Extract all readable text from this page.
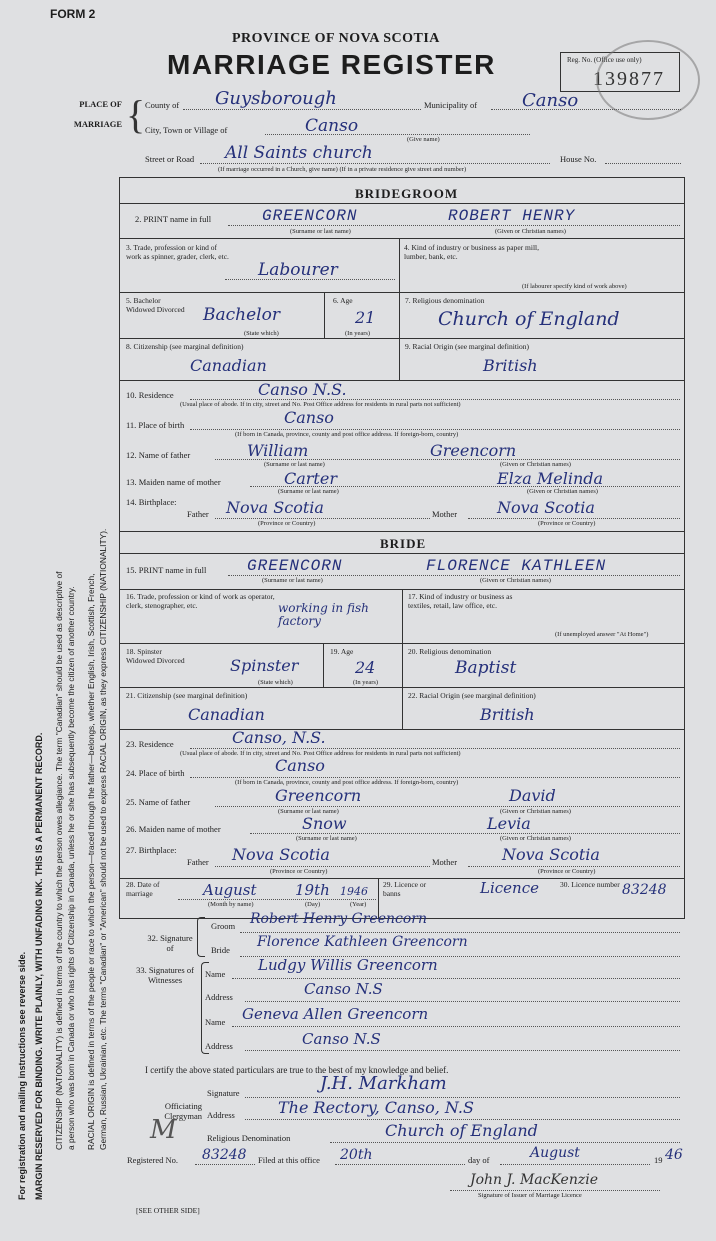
FORM 2
PROVINCE OF NOVA SCOTIA
MARRIAGE REGISTER	Reg. No. (Office use only)
139877
PLACE OF
MARRIAGE { County of Guysborough	Municipality of Canso
City, Town or Village of	Canso
(Give name)
Street or Road All Saints church	House No.
(If marriage occurred in a Church, give name) (If in a private residence give street and number)
BRIDEGROOM
2. PRINT name in full	GREENCORN	ROBERT HENRY
(Surname or last name)	(Given or Christian names)
3. Trade, profession or kind of work as spinner, grader, clerk, etc.
Labourer
4. Kind of industry or business as paper mill, lumber, bank, etc.
(If labourer specify kind of work above)
5. Bachelor Widowed Divorced Bachelor
(State which)
6. Age
21
(In years)
7. Religious denomination
Church of England
8. Citizenship (see marginal definition)
Canadian
9. Racial Origin (see marginal definition)
British
10. Residence	Canso N.S.
(Usual place of abode. If in city, street and No. Post Office address for residents in rural parts not sufficient)
11. Place of birth	Canso
(If born in Canada, province, county and post office address. If foreign-born, country)
12. Name of father	William	Greencorn
(Surname or last name)	(Given or Christian names)
13. Maiden name of mother	Carter	Elza Melinda
(Surname or last name)	(Given or Christian names)
14. Birthplace:
Father Nova Scotia	Mother Nova Scotia
(Province or Country)	(Province or Country)
BRIDE
15. PRINT name in full	GREENCORN	FLORENCE KATHLEEN
(Surname or last name)	(Given or Christian names)
16. Trade, profession or kind of work as operator, clerk, stenographer, etc.	working in fish factory
17. Kind of industry or business as textiles, retail, law office, etc.
(If unemployed answer "At Home")
18. Spinster Widowed Divorced	Spinster
(State which)
19. Age
24
(In years)
20. Religious denomination
Baptist
21. Citizenship (see marginal definition)
Canadian
22. Racial Origin (see marginal definition)
British
23. Residence	Canso, N.S.
(Usual place of abode. If in city, street and No. Post Office address for residents in rural parts not sufficient)
24. Place of birth	Canso
(If born in Canada, province, county and post office address. If foreign-born, country)
25. Name of father	Greencorn	David
(Surname or last name)	(Given or Christian names)
26. Maiden name of mother	Snow	Levia
(Surname or last name)	(Given or Christian names)
27. Birthplace:
Father Nova Scotia	Mother	Nova Scotia
(Province or Country)	(Province or Country)
28. Date of marriage	August	19th 1946
(Month by name)	(Day)	(Year)
29. Licence or banns	Licence	30. Licence number 83248
32. Signature of
Groom Robert Henry Greencorn
Bride Florence Kathleen Greencorn
33. Signatures of Witnesses
Name Ludgy Willis Greencorn
Address	Canso N.S
Name Geneva Allen Greencorn
Address	Canso N.S
I certify the above stated particulars are true to the best of my knowledge and belief.
Officiating Clergyman
Signature	J.H. Markham
Address	The Rectory, Canso, N.S
Religious Denomination	Church of England
Registered No. 83248 Filed at this office 20th	day of	August	19 46
John J. MacKenzie
Signature of Issuer of Marriage Licence
M
[SEE OTHER SIDE]
For registration and mailing instructions see reverse side. MARGIN RESERVED FOR BINDING. WRITE PLAINLY, WITH UNFADING INK. THIS IS A PERMANENT RECORD. CITIZENSHIP (NATIONALITY) is defined in terms of the country to which the person owes allegiance. The term "Canadian" should be used as descriptive of a person who was born in Canada or who has rights of Citizenship in Canada, unless he or she has subsequently become the citizen of another country. RACIAL ORIGIN is defined in terms of the people or race to which the person—traced through the father—belongs, whether English, Irish, Scottish, French, German, Russian, Ukrainian, etc. The terms "Canadian" or "American" should not be used to express RACIAL ORIGIN, as they express CITIZENSHIP (NATIONALITY).
